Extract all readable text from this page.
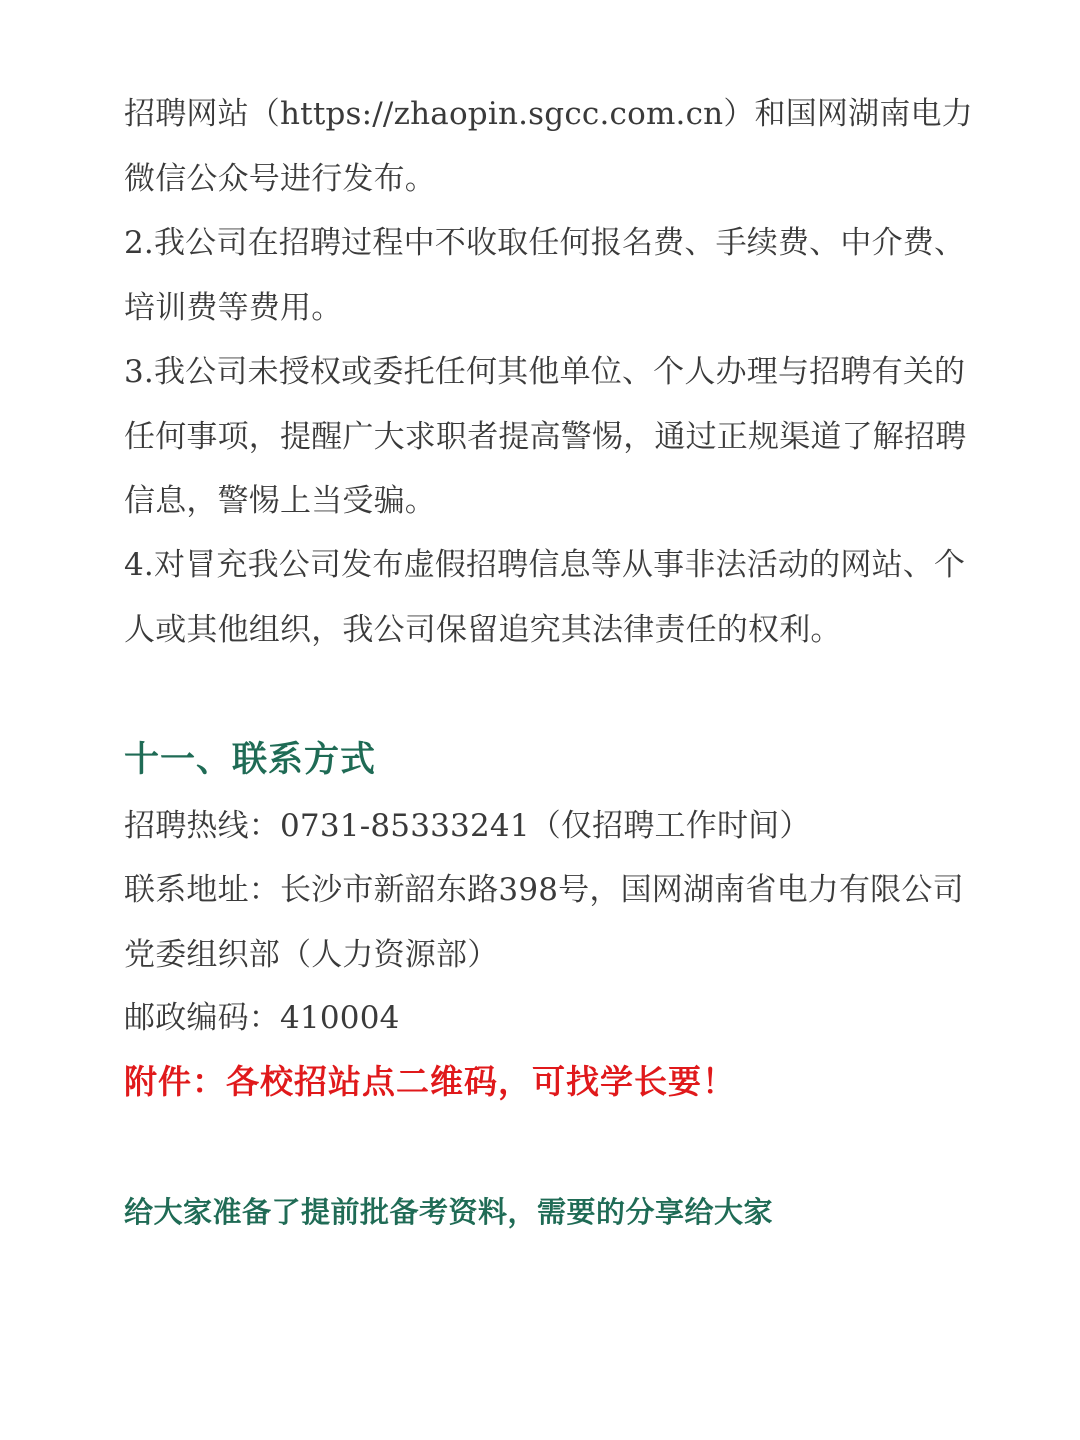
招聘网站（https://zhaopin.sgcc.com.cn）和国网湖南电力微信公众号进行发布。

2.我公司在招聘过程中不收取任何报名费、手续费、中介费、培训费等费用。

3.我公司未授权或委托任何其他单位、个人办理与招聘有关的任何事项，提醒广大求职者提高警惕，通过正规渠道了解招聘信息，警惕上当受骗。

4.对冒充我公司发布虚假招聘信息等从事非法活动的网站、个人或其他组织，我公司保留追究其法律责任的权利。

十一、联系方式

招聘热线：0731-85333241（仅招聘工作时间）

联系地址：长沙市新韶东路398号，国网湖南省电力有限公司党委组织部（人力资源部）

邮政编码：410004

附件：各校招站点二维码，可找学长要！

给大家准备了提前批备考资料，需要的分享给大家
